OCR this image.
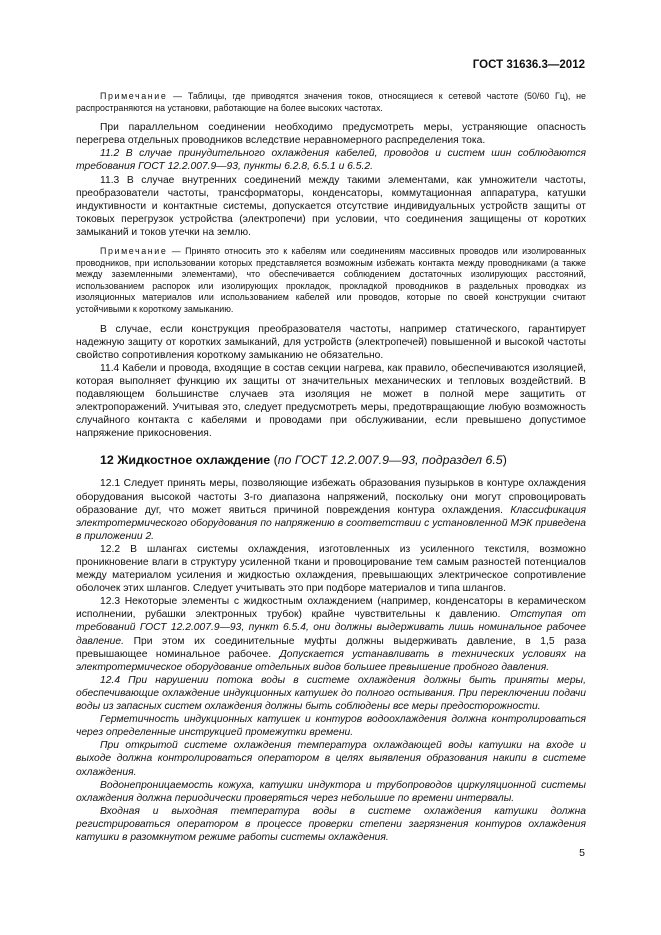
ГОСТ 31636.3—2012

Примечание — Таблицы, где приводятся значения токов, относящиеся к сетевой частоте (50/60 Гц), не распространяются на установки, работающие на более высоких частотах.

При параллельном соединении необходимо предусмотреть меры, устраняющие опасность перегрева отдельных проводников вследствие неравномерного распределения тока.

11.2 В случае принудительного охлаждения кабелей, проводов и систем шин соблюдаются требования ГОСТ 12.2.007.9—93, пункты 6.2.8, 6.5.1 и 6.5.2.

11.3 В случае внутренних соединений между такими элементами, как умножители частоты, преобразователи частоты, трансформаторы, конденсаторы, коммутационная аппаратура, катушки индуктивности и контактные системы, допускается отсутствие индивидуальных устройств защиты от токовых перегрузок устройства (электропечи) при условии, что соединения защищены от коротких замыканий и токов утечки на землю.

Примечание — Принято относить это к кабелям или соединениям массивных проводов или изолированных проводников, при использовании которых представляется возможным избежать контакта между проводниками (а также между заземленными элементами), что обеспечивается соблюдением достаточных изолирующих расстояний, использованием распорок или изолирующих прокладок, прокладкой проводников в раздельных проводках из изоляционных материалов или использованием кабелей или проводов, которые по своей конструкции считают устойчивыми к короткому замыканию.

В случае, если конструкция преобразователя частоты, например статического, гарантирует надежную защиту от коротких замыканий, для устройств (электропечей) повышенной и высокой частоты свойство сопротивления короткому замыканию не обязательно.

11.4 Кабели и провода, входящие в состав секции нагрева, как правило, обеспечиваются изоляцией, которая выполняет функцию их защиты от значительных механических и тепловых воздействий. В подавляющем большинстве случаев эта изоляция не может в полной мере защитить от электропоражений. Учитывая это, следует предусмотреть меры, предотвращающие любую возможность случайного контакта с кабелями и проводами при обслуживании, если превышено допустимое напряжение прикосновения.

12 Жидкостное охлаждение (по ГОСТ 12.2.007.9—93, подраздел 6.5)

12.1 Следует принять меры, позволяющие избежать образования пузырьков в контуре охлаждения оборудования высокой частоты 3-го диапазона напряжений, поскольку они могут спровоцировать образование дуг, что может явиться причиной повреждения контура охлаждения. Классификация электротермического оборудования по напряжению в соответствии с установленной МЭК приведена в приложении 2.

12.2 В шлангах системы охлаждения, изготовленных из усиленного текстиля, возможно проникновение влаги в структуру усиленной ткани и провоцирование тем самым разностей потенциалов между материалом усиления и жидкостью охлаждения, превышающих электрическое сопротивление оболочек этих шлангов. Следует учитывать это при подборе материалов и типа шлангов.

12.3 Некоторые элементы с жидкостным охлаждением (например, конденсаторы в керамическом исполнении, рубашки электронных трубок) крайне чувствительны к давлению. Отступая от требований ГОСТ 12.2.007.9—93, пункт 6.5.4, они должны выдерживать лишь номинальное рабочее давление. При этом их соединительные муфты должны выдерживать давление, в 1,5 раза превышающее номинальное рабочее. Допускается устанавливать в технических условиях на электротермическое оборудование отдельных видов большее превышение пробного давления.

12.4 При нарушении потока воды в системе охлаждения должны быть приняты меры, обеспечивающие охлаждение индукционных катушек до полного остывания. При переключении подачи воды из запасных систем охлаждения должны быть соблюдены все меры предосторожности.

Герметичность индукционных катушек и контуров водоохлаждения должна контролироваться через определенные инструкцией промежутки времени.

При открытой системе охлаждения температура охлаждающей воды катушки на входе и выходе должна контролироваться оператором в целях выявления образования накипи в системе охлаждения.

Водонепроницаемость кожуха, катушки индуктора и трубопроводов циркуляционной системы охлаждения должна периодически проверяться через небольшие по времени интервалы.

Входная и выходная температура воды в системе охлаждения катушки должна регистрироваться оператором в процессе проверки степени загрязнения контуров охлаждения катушки в разомкнутом режиме работы системы охлаждения.

5
